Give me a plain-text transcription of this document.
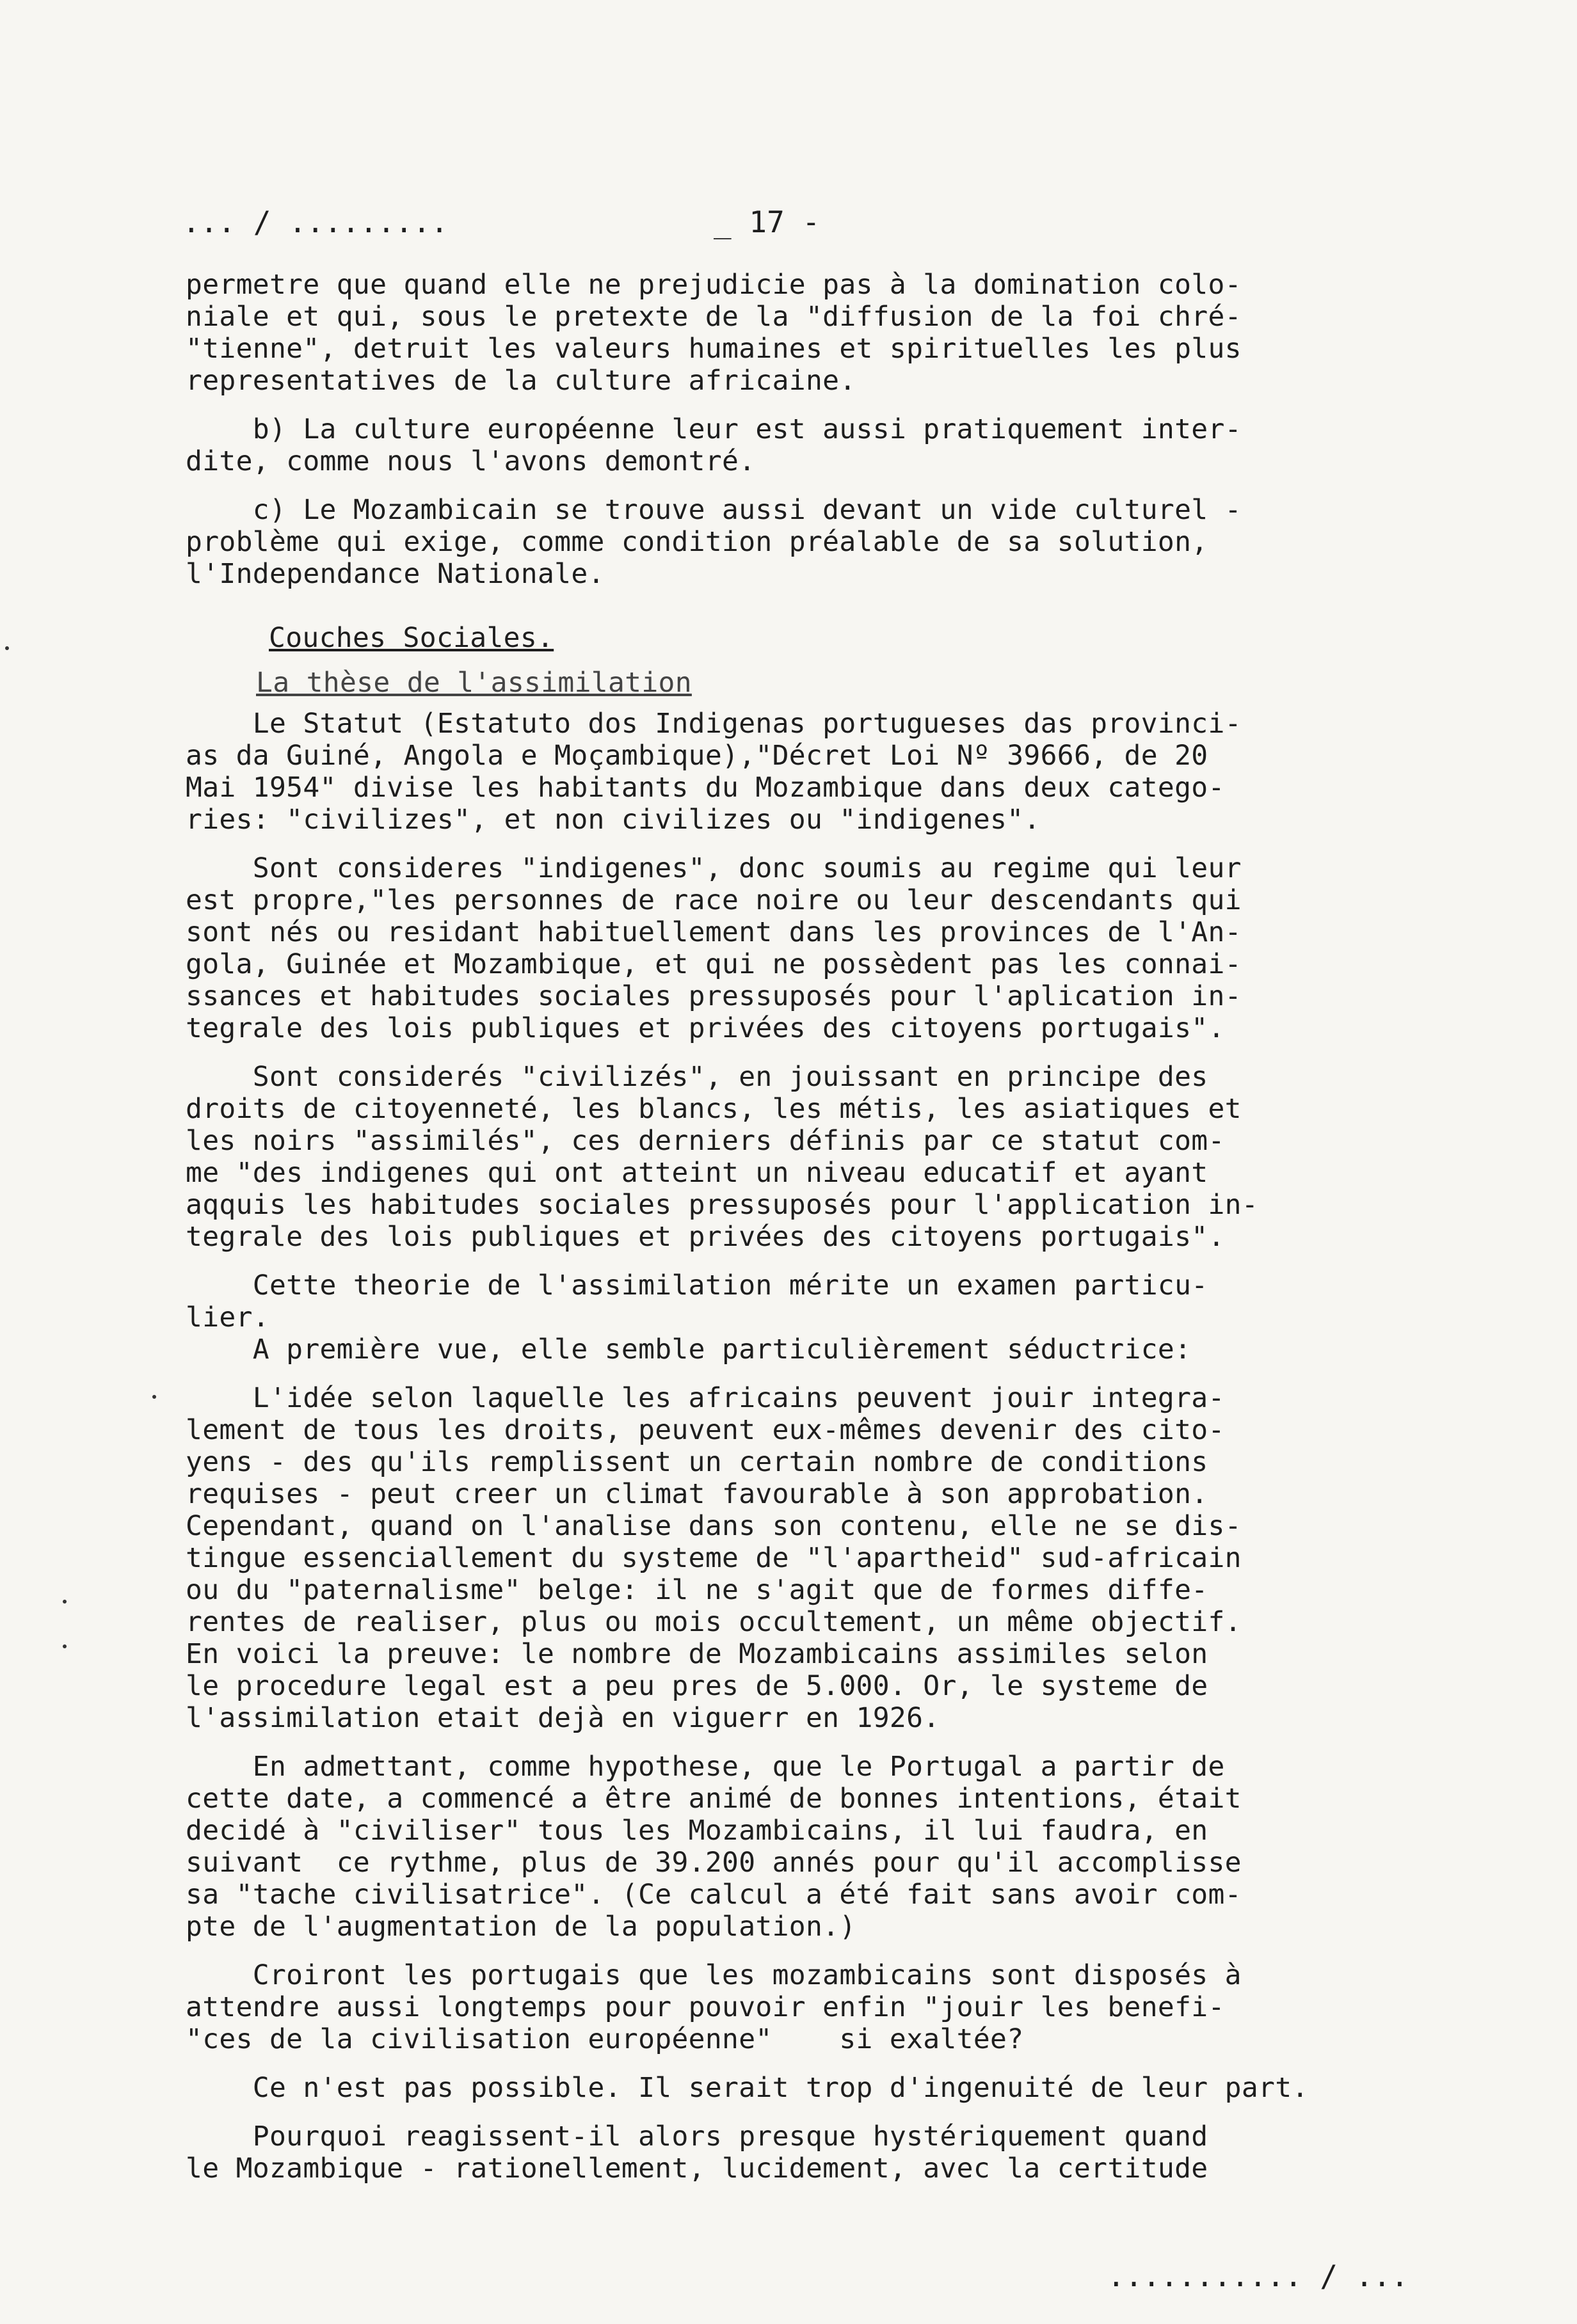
... / .........	_ 17 -
permetre que quand elle ne prejudicie pas à la domination colo-
niale et qui, sous le pretexte de la "diffusion de la foi chré-
"tienne", detruit les valeurs humaines et spirituelles les plus
representatives de la culture africaine.
b) La culture européenne leur est aussi pratiquement inter-
dite, comme nous l'avons demontré.
c) Le Mozambicain se trouve aussi devant un vide culturel -
problème qui exige, comme condition préalable de sa solution,
l'Independance Nationale.
Couches Sociales.
La thèse de l'assimilation
Le Statut (Estatuto dos Indigenas portugueses das provinci-
as da Guiné, Angola e Moçambique),"Décret Loi Nº 39666, de 20
Mai 1954" divise les habitants du Mozambique dans deux catego-
ries: "civilizes", et non civilizes ou "indigenes".
Sont consideres "indigenes", donc soumis au regime qui leur
est propre,"les personnes de race noire ou leur descendants qui
sont nés ou residant habituellement dans les provinces de l'An-
gola, Guinée et Mozambique, et qui ne possèdent pas les connai-
ssances et habitudes sociales pressuposés pour l'aplication in-
tegrale des lois publiques et privées des citoyens portugais".
Sont considerés "civilizés", en jouissant en principe des
droits de citoyenneté, les blancs, les métis, les asiatiques et
les noirs "assimilés", ces derniers définis par ce statut com-
me "des indigenes qui ont atteint un niveau educatif et ayant
aqquis les habitudes sociales pressuposés pour l'application in-
tegrale des lois publiques et privées des citoyens portugais".
Cette theorie de l'assimilation mérite un examen particu-
lier.
A première vue, elle semble particulièrement séductrice:
L'idée selon laquelle les africains peuvent jouir integra-
lement de tous les droits, peuvent eux-mêmes devenir des cito-
yens - des qu'ils remplissent un certain nombre de conditions
requises - peut creer un climat favourable à son approbation.
Cependant, quand on l'analise dans son contenu, elle ne se dis-
tingue essenciallement du systeme de "l'apartheid" sud-africain
ou du "paternalisme" belge: il ne s'agit que de formes diffe-
rentes de realiser, plus ou mois occultement, un même objectif.
En voici la preuve: le nombre de Mozambicains assimiles selon
le procedure legal est a peu pres de 5.000. Or, le systeme de
l'assimilation etait dejà en viguerr en 1926.
En admettant, comme hypothese, que le Portugal a partir de
cette date, a commencé a être animé de bonnes intentions, était
decidé à "civiliser" tous les Mozambicains, il lui faudra, en
suivant  ce rythme, plus de 39.200 annés pour qu'il accomplisse
sa "tache civilisatrice". (Ce calcul a été fait sans avoir com-
pte de l'augmentation de la population.)
Croiront les portugais que les mozambicains sont disposés à
attendre aussi longtemps pour pouvoir enfin "jouir les benefi-
"ces de la civilisation européenne"    si exaltée?
Ce n'est pas possible. Il serait trop d'ingenuité de leur part.
Pourquoi reagissent-il alors presque hystériquement quand
le Mozambique - rationellement, lucidement, avec la certitude
........... / ...
